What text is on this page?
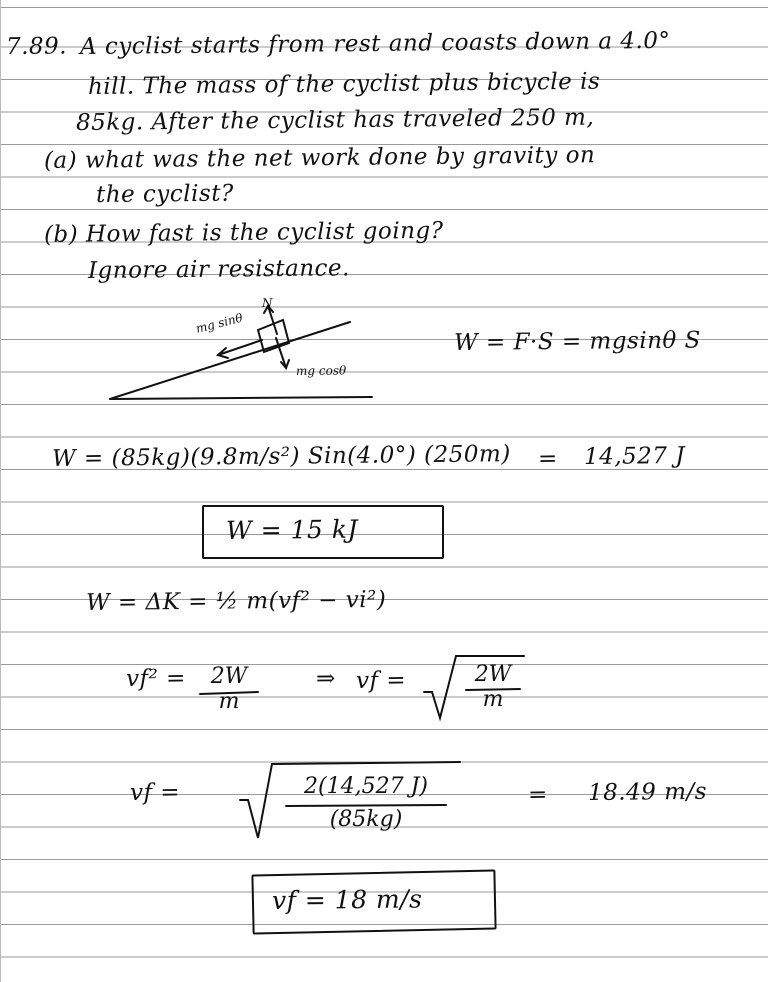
7.89. A cyclist starts from rest and coasts down a 4.0°
hill. The mass of the cyclist plus bicycle is
85kg. After the cyclist has traveled 250 m,
(a) what was the net work done by gravity on
the cyclist?
(b) How fast is the cyclist going?
Ignore air resistance.
mg sinθ
N
mg cosθ
W = F·S = mgsinθ S
W = (85kg)(9.8m/s²) Sin(4.0°) (250m) = 14,527 J
W = 15 kJ
W = ΔK = ½ m(vf² − vi²)
vf² =	2W
m
⇒ vf =	2W
m
vf =	2(14,527 J)
(85kg)
= 18.49 m/s
vf = 18 m/s
